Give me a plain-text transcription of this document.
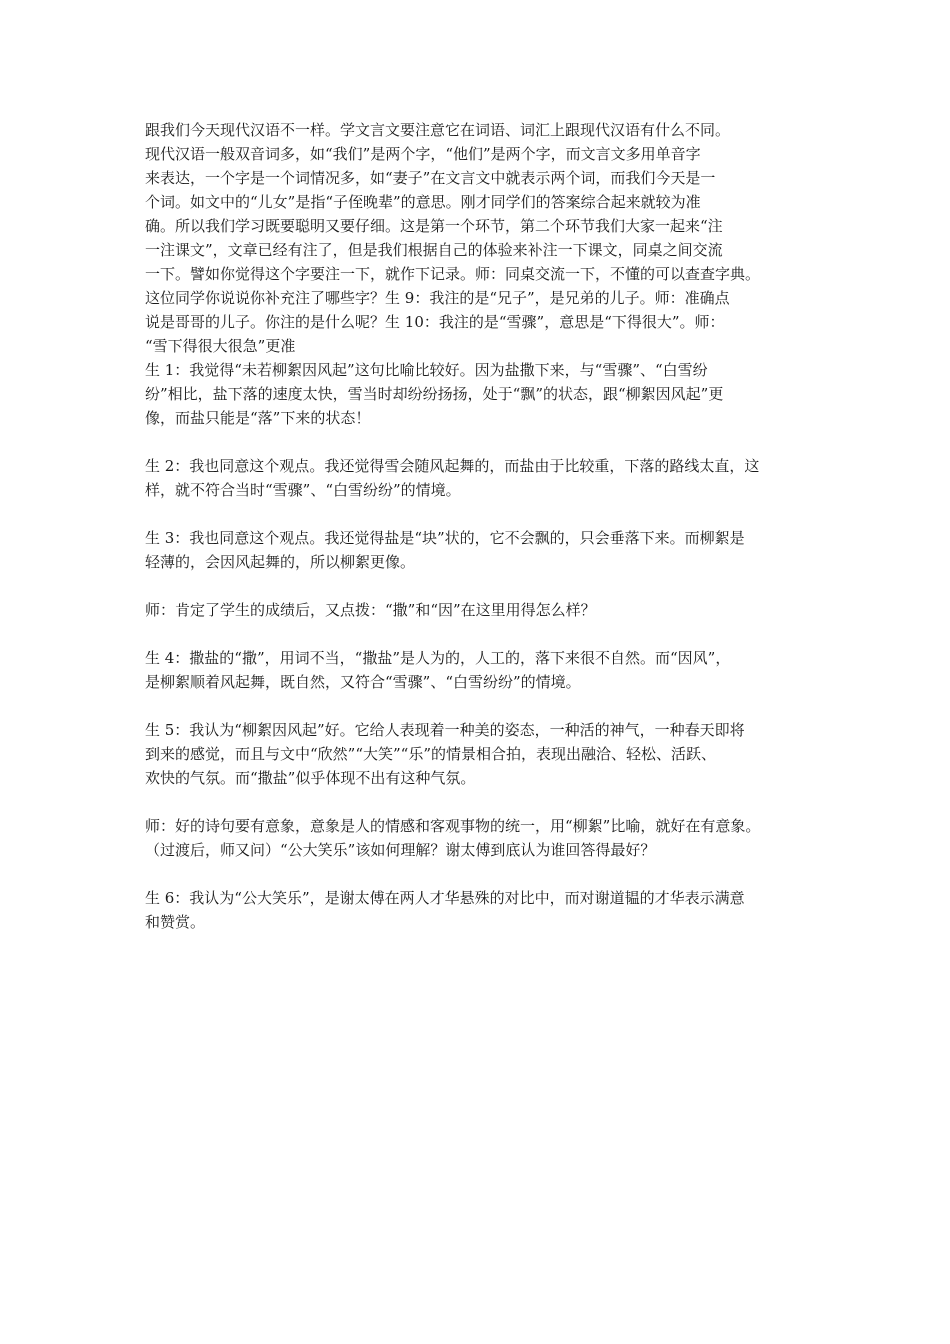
跟我们今天现代汉语不一样。学文言文要注意它在词语、词汇上跟现代汉语有什么不同。
现代汉语一般双音词多，如“我们”是两个字，“他们”是两个字，而文言文多用单音字
来表达，一个字是一个词情况多，如“妻子”在文言文中就表示两个词，而我们今天是一
个词。如文中的“儿女”是指“子侄晚辈”的意思。刚才同学们的答案综合起来就较为准
确。所以我们学习既要聪明又要仔细。这是第一个环节，第二个环节我们大家一起来“注
一注课文”，文章已经有注了，但是我们根据自己的体验来补注一下课文，同桌之间交流
一下。譬如你觉得这个字要注一下，就作下记录。师：同桌交流一下，不懂的可以查查字典。
这位同学你说说你补充注了哪些字？生 9：我注的是“兄子”，是兄弟的儿子。师：准确点
说是哥哥的儿子。你注的是什么呢？生 10：我注的是“雪骤”，意思是“下得很大”。师：
“雪下得很大很急”更准
生 1：我觉得“未若柳絮因风起”这句比喻比较好。因为盐撒下来，与“雪骤”、“白雪纷
纷”相比，盐下落的速度太快，雪当时却纷纷扬扬，处于“飘”的状态，跟“柳絮因风起”更
像，而盐只能是“落”下来的状态！
生 2：我也同意这个观点。我还觉得雪会随风起舞的，而盐由于比较重，下落的路线太直，这
样，就不符合当时“雪骤”、“白雪纷纷”的情境。
生 3：我也同意这个观点。我还觉得盐是“块”状的，它不会飘的，只会垂落下来。而柳絮是
轻薄的，会因风起舞的，所以柳絮更像。
师：肯定了学生的成绩后，又点拨：“撒”和“因”在这里用得怎么样？
生 4：撒盐的“撒”，用词不当，“撒盐”是人为的，人工的，落下来很不自然。而“因风”，
是柳絮顺着风起舞，既自然，又符合“雪骤”、“白雪纷纷”的情境。
生 5：我认为“柳絮因风起”好。它给人表现着一种美的姿态，一种活的神气，一种春天即将
到来的感觉，而且与文中“欣然”“大笑”“乐”的情景相合拍，表现出融洽、轻松、活跃、
欢快的气氛。而“撒盐”似乎体现不出有这种气氛。
师：好的诗句要有意象，意象是人的情感和客观事物的统一，用“柳絮”比喻，就好在有意象。
（过渡后，师又问）“公大笑乐”该如何理解？谢太傅到底认为谁回答得最好？
生 6：我认为“公大笑乐”，是谢太傅在两人才华悬殊的对比中，而对谢道韫的才华表示满意
和赞赏。
